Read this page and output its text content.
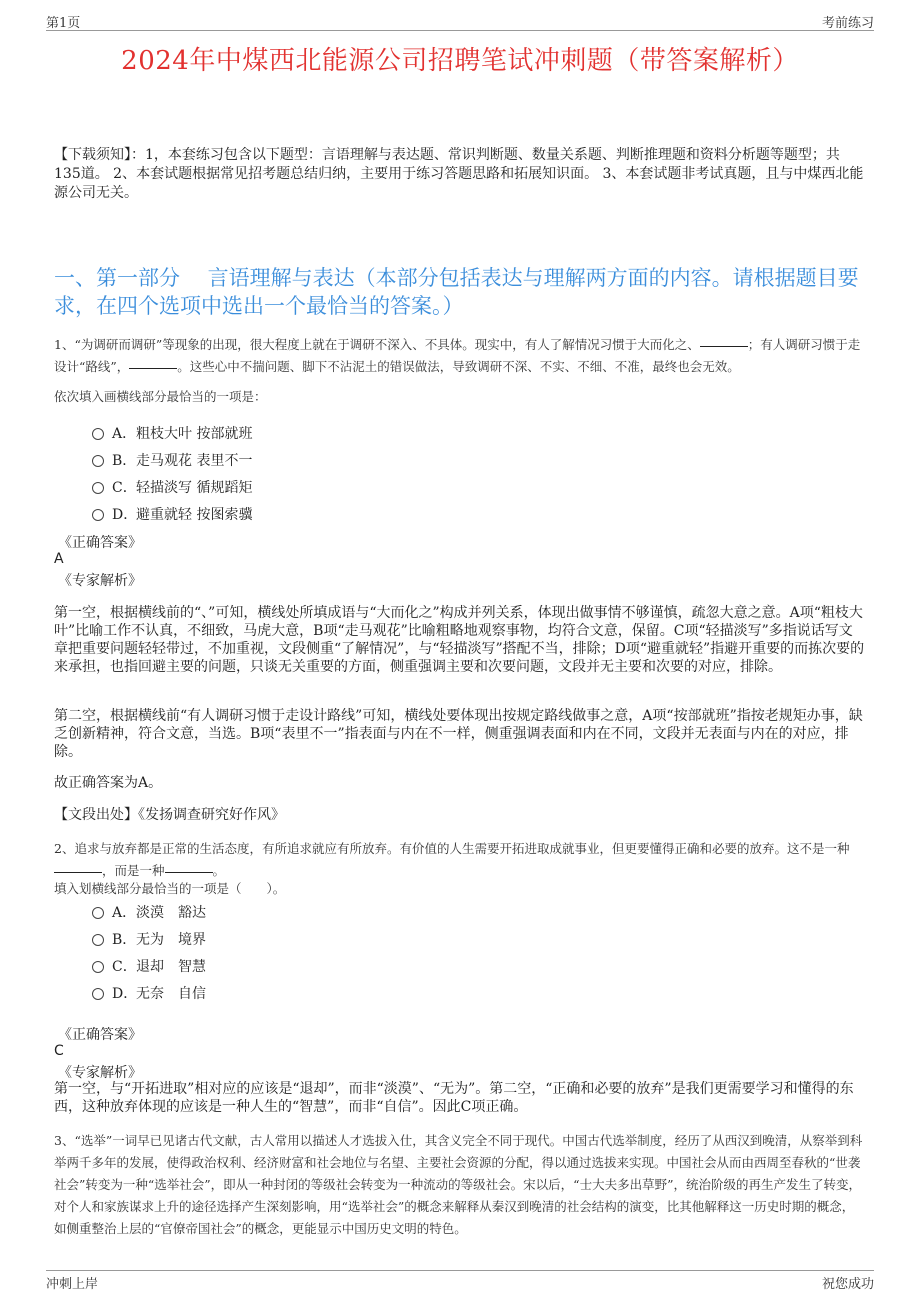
第1页	考前练习
2024年中煤西北能源公司招聘笔试冲刺题（带答案解析）
【下载须知】：1，本套练习包含以下题型：言语理解与表达题、常识判断题、数量关系题、判断推理题和资料分析题等题型；共135道。 2、本套试题根据常见招考题总结归纳，主要用于练习答题思路和拓展知识面。 3、本套试题非考试真题，且与中煤西北能源公司无关。
一、第一部分　 言语理解与表达（本部分包括表达与理解两方面的内容。请根据题目要求，在四个选项中选出一个最恰当的答案。）
1、“为调研而调研”等现象的出现，很大程度上就在于调研不深入、不具体。现实中，有人了解情况习惯于大而化之、	；有人调研习惯于走设计“路线”，	。这些心中不揣问题、脚下不沾泥土的错误做法，导致调研不深、不实、不细、不准，最终也会无效。
依次填入画横线部分最恰当的一项是：
A．粗枝大叶 按部就班
B．走马观花 表里不一
C．轻描淡写 循规蹈矩
D．避重就轻 按图索骥
《正确答案》
A
《专家解析》
第一空，根据横线前的“、”可知，横线处所填成语与“大而化之”构成并列关系，体现出做事情不够谨慎，疏忽大意之意。A项“粗枝大叶”比喻工作不认真，不细致，马虎大意，B项“走马观花”比喻粗略地观察事物，均符合文意，保留。C项“轻描淡写”多指说话写文章把重要问题轻轻带过，不加重视，文段侧重“了解情况”，与“轻描淡写”搭配不当，排除；D项“避重就轻”指避开重要的而拣次要的来承担，也指回避主要的问题，只谈无关重要的方面，侧重强调主要和次要问题，文段并无主要和次要的对应，排除。
第二空，根据横线前“有人调研习惯于走设计路线”可知，横线处要体现出按规定路线做事之意，A项“按部就班”指按老规矩办事，缺乏创新精神，符合文意，当选。B项“表里不一”指表面与内在不一样，侧重强调表面和内在不同，文段并无表面与内在的对应，排除。
故正确答案为A。
【文段出处】《发扬调查研究好作风》
2、追求与放弃都是正常的生活态度，有所追求就应有所放弃。有价值的人生需要开拓进取成就事业，但更要懂得正确和必要的放弃。这不是一种，而是一种	。
填入划横线部分最恰当的一项是（　　）。
A．淡漠　豁达
B．无为　境界
C．退却　智慧
D．无奈　自信
《正确答案》
C
《专家解析》
第一空，与“开拓进取”相对应的应该是“退却”，而非“淡漠”、“无为”。第二空，“正确和必要的放弃”是我们更需要学习和懂得的东西，这种放弃体现的应该是一种人生的“智慧”，而非“自信”。因此C项正确。
3、“选举”一词早已见诸古代文献，古人常用以描述人才选拔入仕，其含义完全不同于现代。中国古代选举制度，经历了从西汉到晚清，从察举到科举两千多年的发展，使得政治权利、经济财富和社会地位与名望、主要社会资源的分配，得以通过选拔来实现。中国社会从而由西周至春秋的“世袭社会”转变为一种“选举社会”，即从一种封闭的等级社会转变为一种流动的等级社会。宋以后，“士大夫多出草野”，统治阶级的再生产发生了转变，对个人和家族谋求上升的途径选择产生深刻影响，用“选举社会”的概念来解释从秦汉到晚清的社会结构的演变，比其他解释这一历史时期的概念，如侧重整治上层的“官僚帝国社会”的概念，更能显示中国历史文明的特色。
冲刺上岸	祝您成功
